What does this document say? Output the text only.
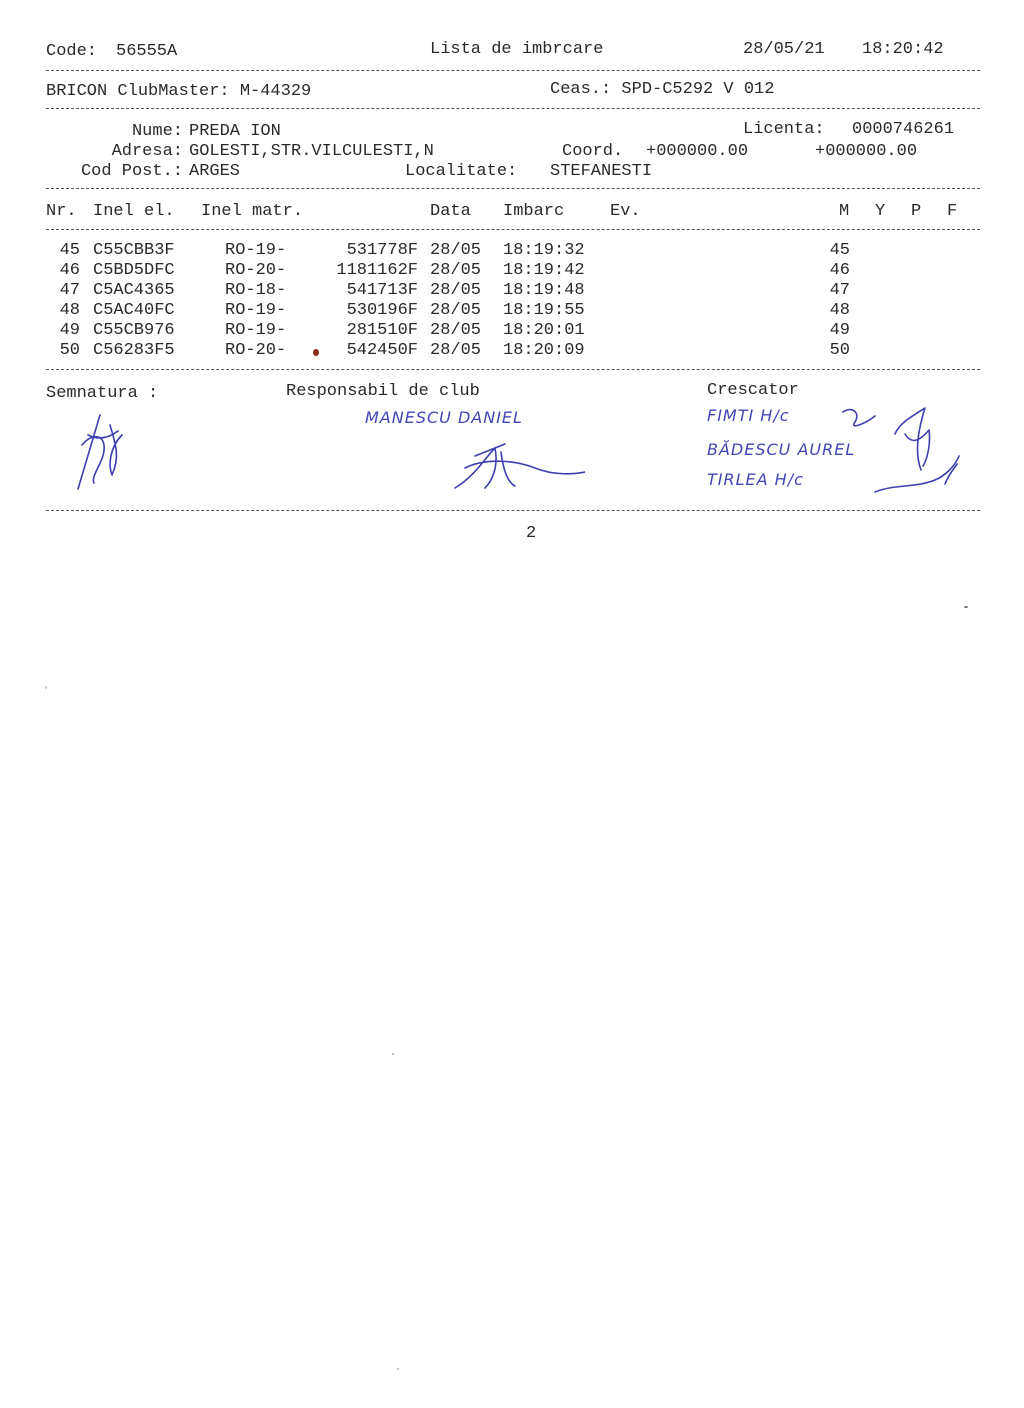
Code: 56555A	Lista de imbrcare	28/05/21 18:20:42
BRICON ClubMaster: M-44329	Ceas.: SPD-C5292 V 012
Nume: PREDA ION	Licenta: 0000746261
Adresa: GOLESTI,STR.VILCULESTI,N	Coord. +000000.00	+000000.00
Cod Post.: ARGES	Localitate: STEFANESTI
Nr. Inel el. Inel matr.	Data Imbarc	Ev.	M Y P F
45 C55CBB3F	RO-19-	531778F 28/05 18:19:32	45
46 C5BD5DFC	RO-20-	1181162F 28/05 18:19:42	46
47 C5AC4365	RO-18-	541713F 28/05 18:19:48	47
48 C5AC40FC	RO-19-	530196F 28/05 18:19:55	48
49 C55CB976	RO-19-	281510F 28/05 18:20:01	49
50 C56283F5	RO-20-	542450F 28/05 18:20:09	50
Semnatura :	Responsabil de club	Crescator
MANESCU DANIEL	FIMTI H/c
BĂDESCU AUREL
TIRLEA H/c
2
